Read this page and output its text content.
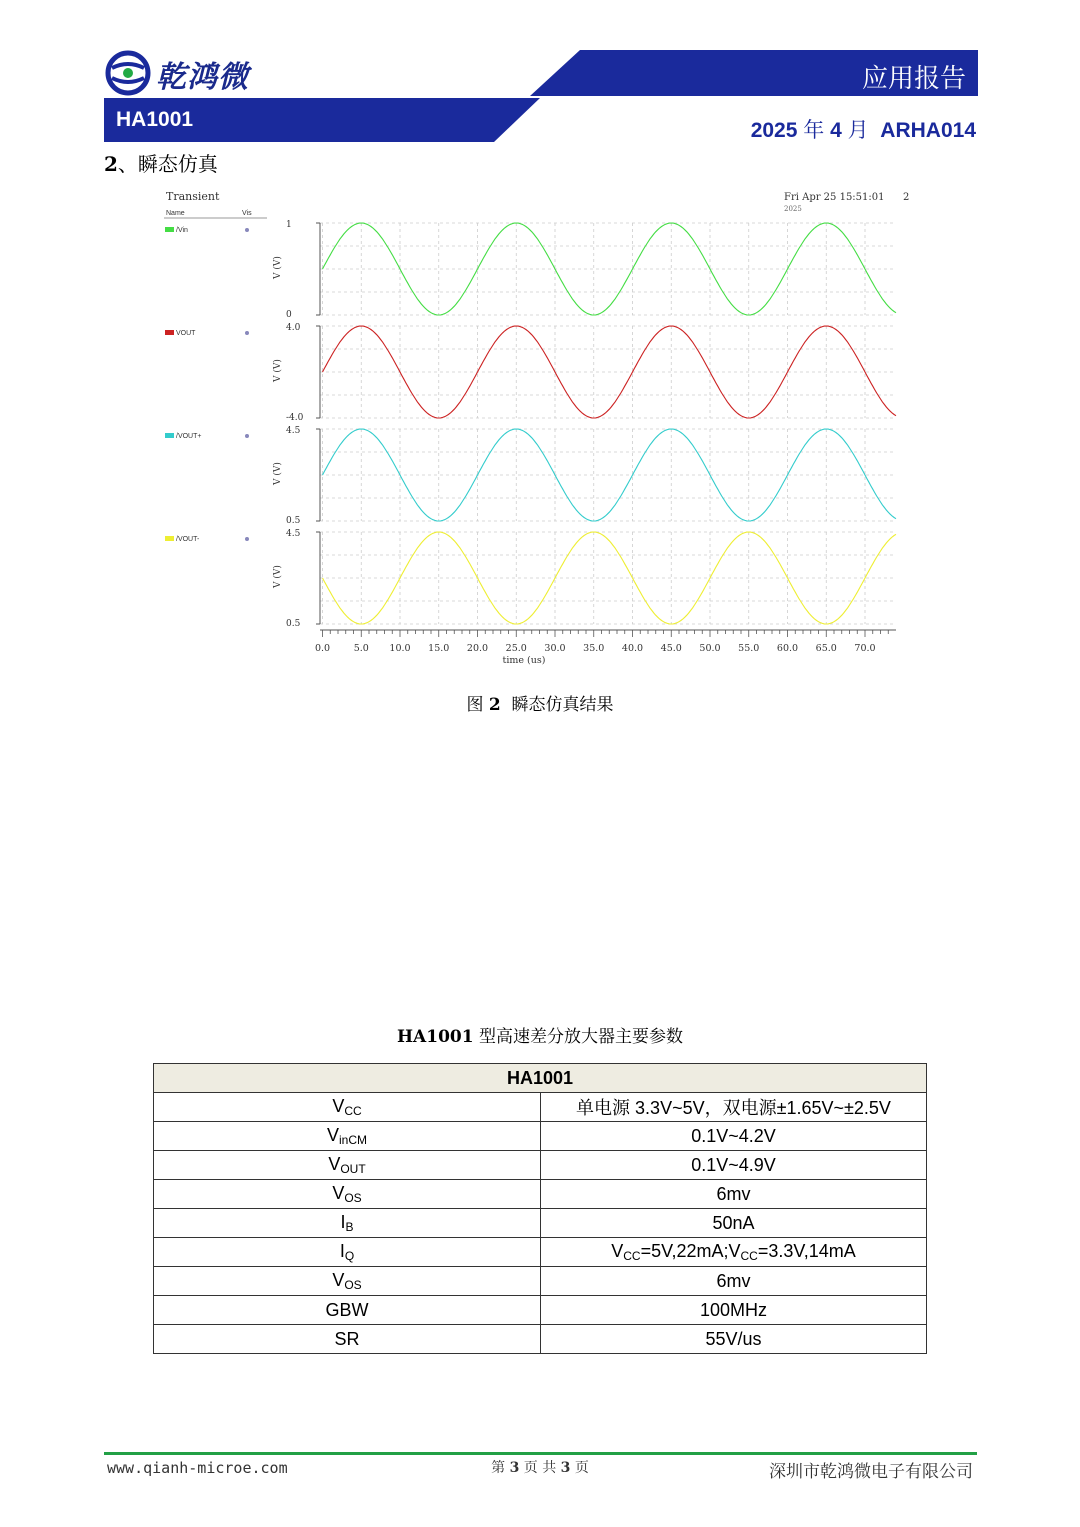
乾鸿微	应用报告
HA1001	2025 年 4 月 ARHA014
2、瞬态仿真
Transient	Fri Apr 25 15:51:01 2
2025
Name	Vis
1
0
V (V)
/Vin
4.0
-4.0
V (V)
VOUT
4.5
0.5
V (V)
/VOUT+
4.5
0.5
V (V)
/VOUT-
0.0 5.0 10.0 15.0 20.0 25.0 30.0 35.0 40.0 45.0 50.0 55.0 60.0 65.0 70.0
time (us)
图 2 瞬态仿真结果
HA1001 型高速差分放大器主要参数
HA1001	
$V_{CC}$	单电源 3.3V~5V，双电源±1.65V~±2.5V
$V_{inCM}$	0.1V~4.2V
$V_{OUT}$	0.1V~4.9V
$V_{OS}$	6mv
$I_B$	50nA
$I_Q$	$V_{CC}=5V,22mA;V_{CC}=3.3V,14mA$
$V_{OS}$	6mv
GBW	100MHz
SR	55V/us
www.qianh-microe.com	第 3 页 共 3 页	深圳市乾鸿微电子有限公司
